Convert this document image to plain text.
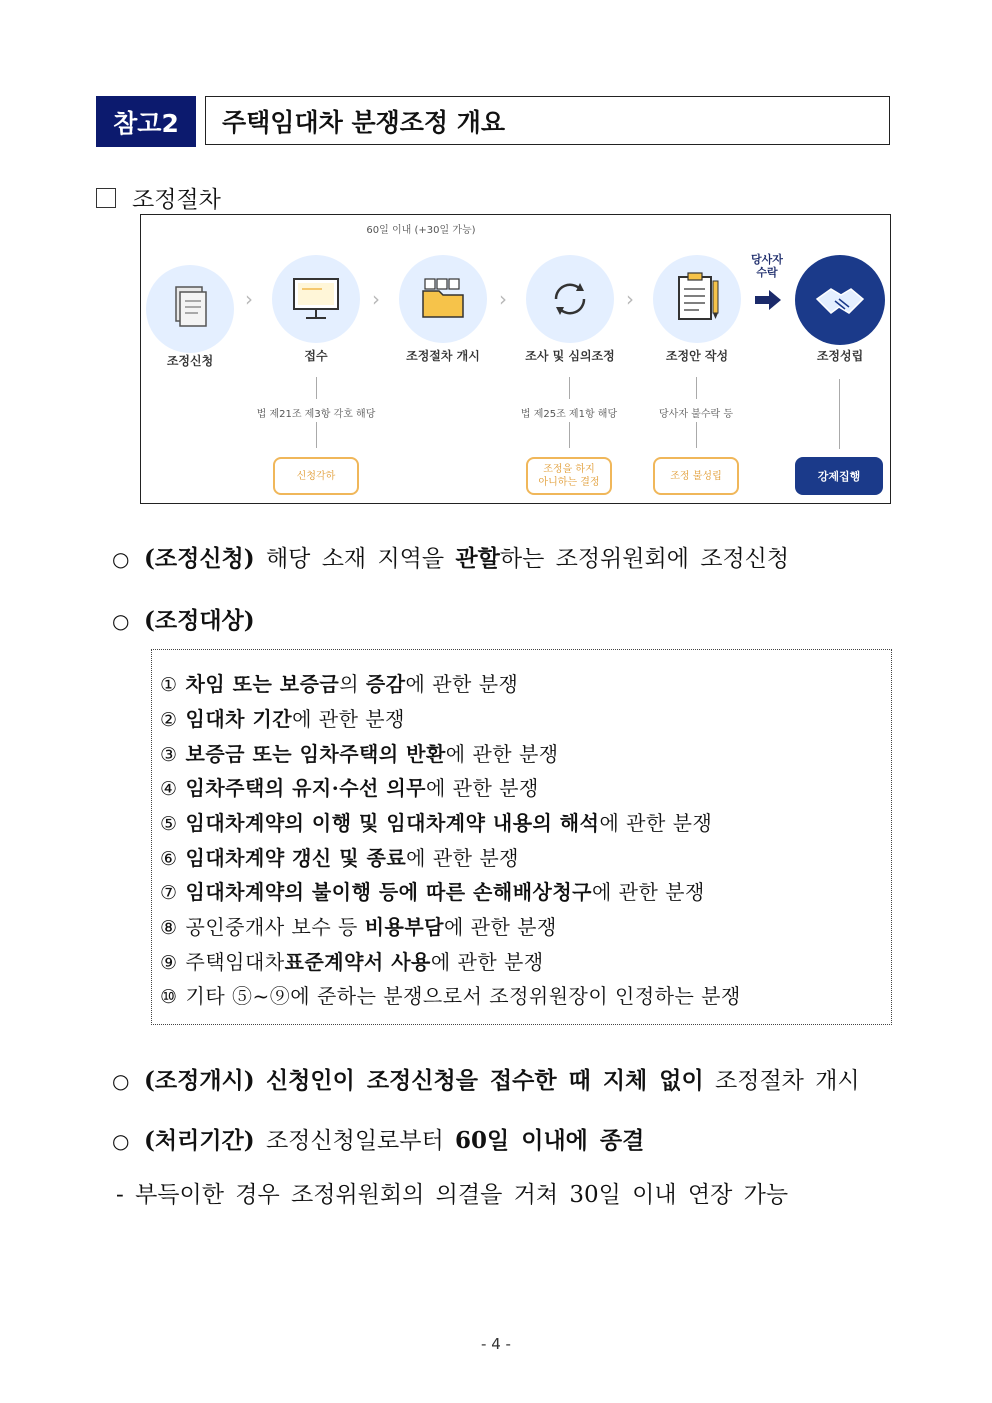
참고2	주택임대차 분쟁조정 개요
조정절차
60일 이내 (+30일 가능)
조정신청
›
접수
›
조정절차 개시
›
조사 및 심의조정
›
조정안 작성
당사자
수락
조정성립
법 제21조 제3항 각호 해당	법 제25조 제1항 해당	당사자 불수락 등
신청각하
조정을 하지
아니하는 결정
조정 불성립	강제집행
○ (조정신청)
해당 소재 지역을
관할 하는 조정위원회에 조정신청
○ (조정대상)
① 차임 또는 보증금의 증감에 관한 분쟁
② 임대차 기간에 관한 분쟁
③ 보증금 또는 임차주택의 반환에 관한 분쟁
④ 임차주택의 유지·수선 의무에 관한 분쟁
⑤ 임대차계약의 이행 및 임대차계약 내용의 해석에 관한 분쟁
⑥ 임대차계약 갱신 및 종료에 관한 분쟁
⑦ 임대차계약의 불이행 등에 따른 손해배상청구에 관한 분쟁
⑧ 공인중개사 보수 등 비용부담에 관한 분쟁
⑨ 주택임대차표준계약서 사용에 관한 분쟁
⑩ 기타 ⑤~⑨에 준하는 분쟁으로서 조정위원장이 인정하는 분쟁
○ (조정개시)
신청인이 조정신청을 접수한 때 지체 없이
조정절차 개시
○ (처리기간)
조정신청일로부터
60일 이내에 종결
- 부득이한 경우 조정위원회의 의결을 거쳐 30일 이내 연장 가능
- 4 -
